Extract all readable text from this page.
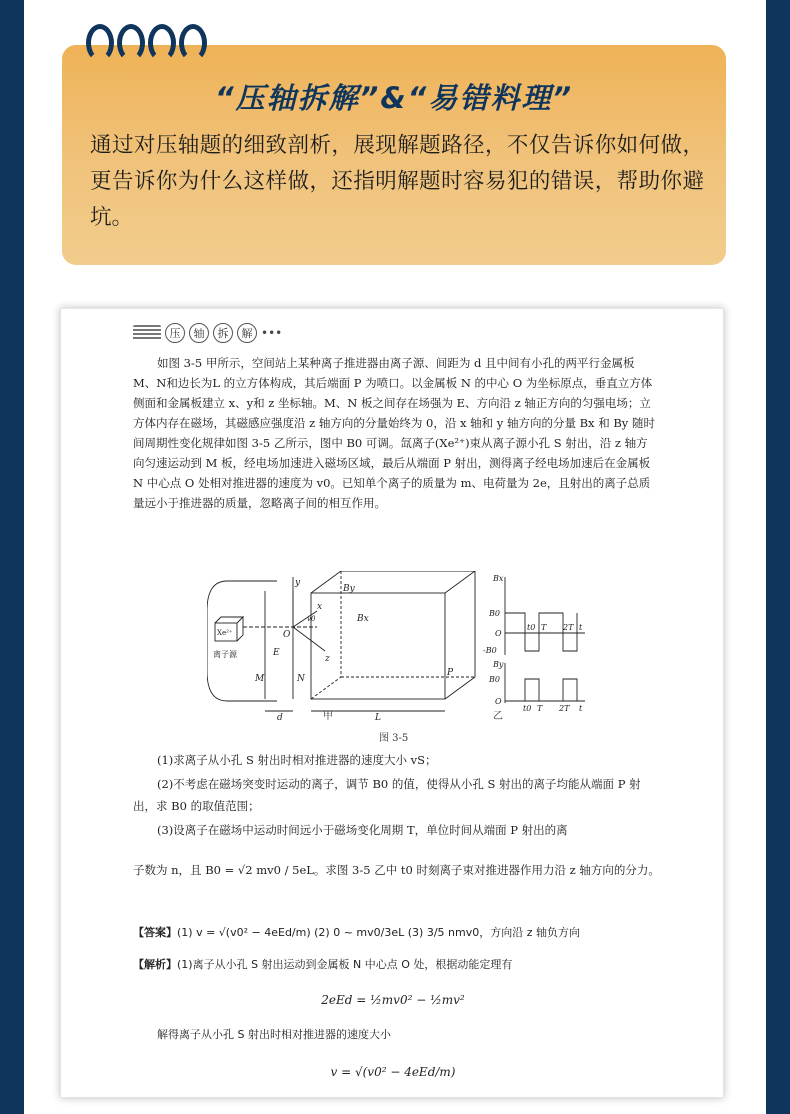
“压轴拆解”&“易错料理”
通过对压轴题的细致剖析，展现解题路径，不仅告诉你如何做，更告诉你为什么这样做，还指明解题时容易犯的错误，帮助你避坑。
压	轴	拆	解 •••
如图 3-5 甲所示，空间站上某种离子推进器由离子源、间距为 d 且中间有小孔的两平行金属板M、N和边长为L 的立方体构成，其后端面 P 为喷口。以金属板 N 的中心 O 为坐标原点，垂直立方体侧面和金属板建立 x、y和 z 坐标轴。M、N 板之间存在场强为 E、方向沿 z 轴正方向的匀强电场；立方体内存在磁场，其磁感应强度沿 z 轴方向的分量始终为 0，沿 x 轴和 y 轴方向的分量 Bx 和 By 随时间周期性变化规律如图 3-5 乙所示，图中 B0 可调。氙离子(Xe²⁺)束从离子源小孔 S 射出，沿 z 轴方向匀速运动到 M 板，经电场加速进入磁场区域，最后从端面 P 射出，测得离子经电场加速后在金属板 N 中心点 O 处相对推进器的速度为 v0。已知单个离子的质量为 m、电荷量为 2e，且射出的离子总质量远小于推进器的质量，忽略离子间的相互作用。
Xe²⁺
离子源
y
x
z
O
E
M	N
P
d	L
By
v0	Bx
Bx
B0
O
-B0
t0 T 2T t
By
B0
O
t0 T 2T t
甲	乙
图 3-5
(1)求离子从小孔 S 射出时相对推进器的速度大小 vS；
(2)不考虑在磁场突变时运动的离子，调节 B0 的值，使得从小孔 S 射出的离子均能从端面 P 射出，求 B0 的取值范围；
(3)设离子在磁场中运动时间远小于磁场变化周期 T，单位时间从端面 P 射出的离
子数为 n，且 B0 = √2 mv0 / 5eL。求图 3-5 乙中 t0 时刻离子束对推进器作用力沿 z 轴方向的分力。
【答案】(1) v = √(v0² − 4eEd/m) (2) 0 ~ mv0/3eL (3) 3/5 nmv0，方向沿 z 轴负方向
【解析】(1)离子从小孔 S 射出运动到金属板 N 中心点 O 处，根据动能定理有
2eEd = ½mv0² − ½mv²
解得离子从小孔 S 射出时相对推进器的速度大小
v = √(v0² − 4eEd/m)
